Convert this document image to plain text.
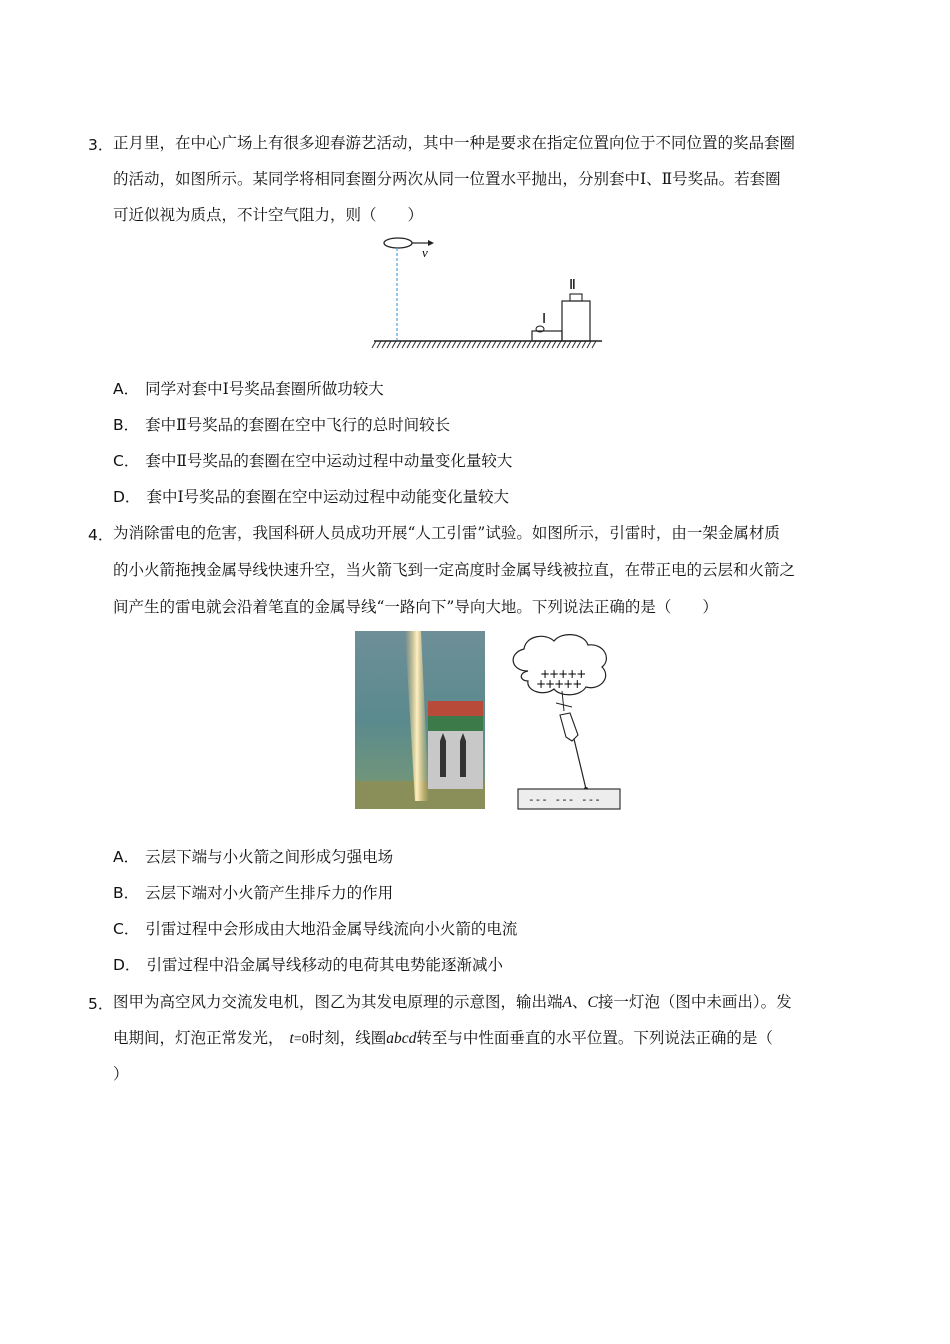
3． 正月里，在中心广场上有很多迎春游艺活动，其中一种是要求在指定位置向位于不同位置的奖品套圈
的活动，如图所示。某同学将相同套圈分两次从同一位置水平抛出，分别套中Ⅰ、Ⅱ号奖品。若套圈
可近似视为质点，不计空气阻力，则（　　）
v
Ⅰ
Ⅱ
A． 同学对套中Ⅰ号奖品套圈所做功较大
B． 套中Ⅱ号奖品的套圈在空中飞行的总时间较长
C． 套中Ⅱ号奖品的套圈在空中运动过程中动量变化量较大
D． 套中Ⅰ号奖品的套圈在空中运动过程中动能变化量较大
4． 为消除雷电的危害，我国科研人员成功开展“人工引雷”试验。如图所示，引雷时，由一架金属材质
的小火箭拖拽金属导线快速升空，当火箭飞到一定高度时金属导线被拉直，在带正电的云层和火箭之
间产生的雷电就会沿着笔直的金属导线“一路向下”导向大地。下列说法正确的是（　　）
+++++
+++++
--- --- ---
A． 云层下端与小火箭之间形成匀强电场
B． 云层下端对小火箭产生排斥力的作用
C． 引雷过程中会形成由大地沿金属导线流向小火箭的电流
D． 引雷过程中沿金属导线移动的电荷其电势能逐渐减小
5． 图甲为高空风力交流发电机，图乙为其发电原理的示意图，输出端A、C接一灯泡（图中未画出）。发
电期间，灯泡正常发光， t=0时刻，线圈abcd转至与中性面垂直的水平位置。下列说法正确的是（
）
